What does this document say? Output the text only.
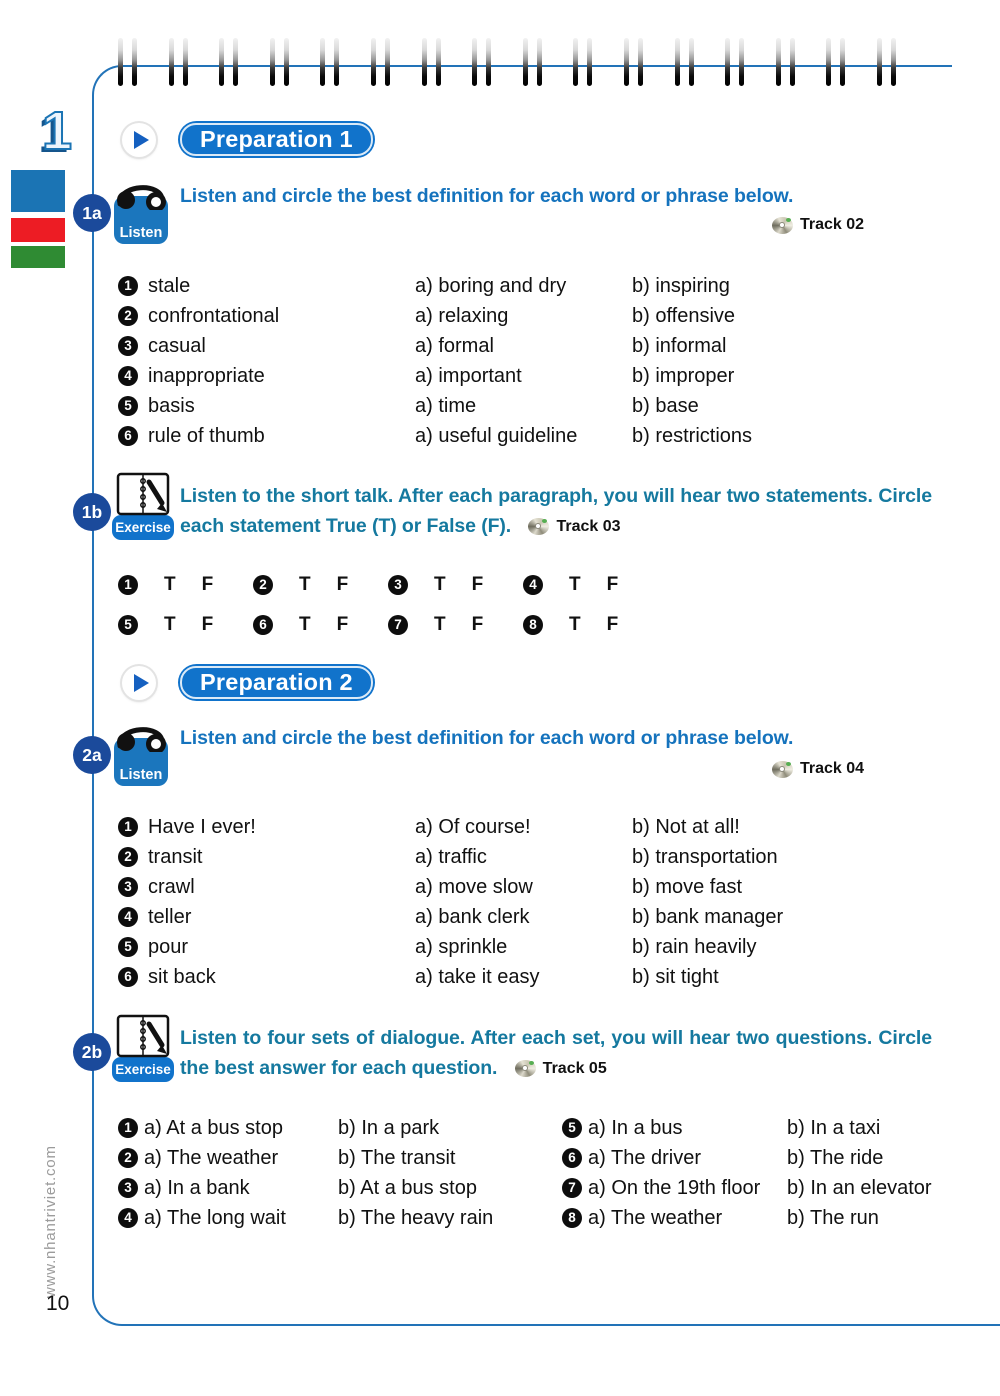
1
www.nhantriviet.com
10
Preparation 1
1a
Listen
Listen and circle the best definition for each word or phrase below.
Track 02
1 stale	a) boring and dry	b) inspiring
2 confrontational	a) relaxing	b) offensive
3 casual	a) formal	b) informal
4 inappropriate	a) important	b) improper
5 basis	a) time	b) base
6 rule of thumb	a) useful guideline	b) restrictions
1b
Exercise
Listen to the short talk. After each paragraph, you will hear two statements. Circle each statement True (T) or False (F).	Track 03
1	T F	2	T F	3	T F	4	T F
5	T F	6	T F	7	T F	8	T F
Preparation 2
2a
Listen
Listen and circle the best definition for each word or phrase below.
Track 04
1 Have I ever!	a) Of course!	b) Not at all!
2 transit	a) traffic	b) transportation
3 crawl	a) move slow	b) move fast
4 teller	a) bank clerk	b) bank manager
5 pour	a) sprinkle	b) rain heavily
6 sit back	a) take it easy	b) sit tight
2b
Exercise
Listen to four sets of dialogue. After each set, you will hear two questions. Circle the best answer for each question.	Track 05
1 a) At a bus stop	b) In a park
2 a) The weather	b) The transit
3 a) In a bank	b) At a bus stop
4 a) The long wait	b) The heavy rain
5 a) In a bus	b) In a taxi
6 a) The driver	b) The ride
7 a) On the 19th floor	b) In an elevator
8 a) The weather	b) The run
